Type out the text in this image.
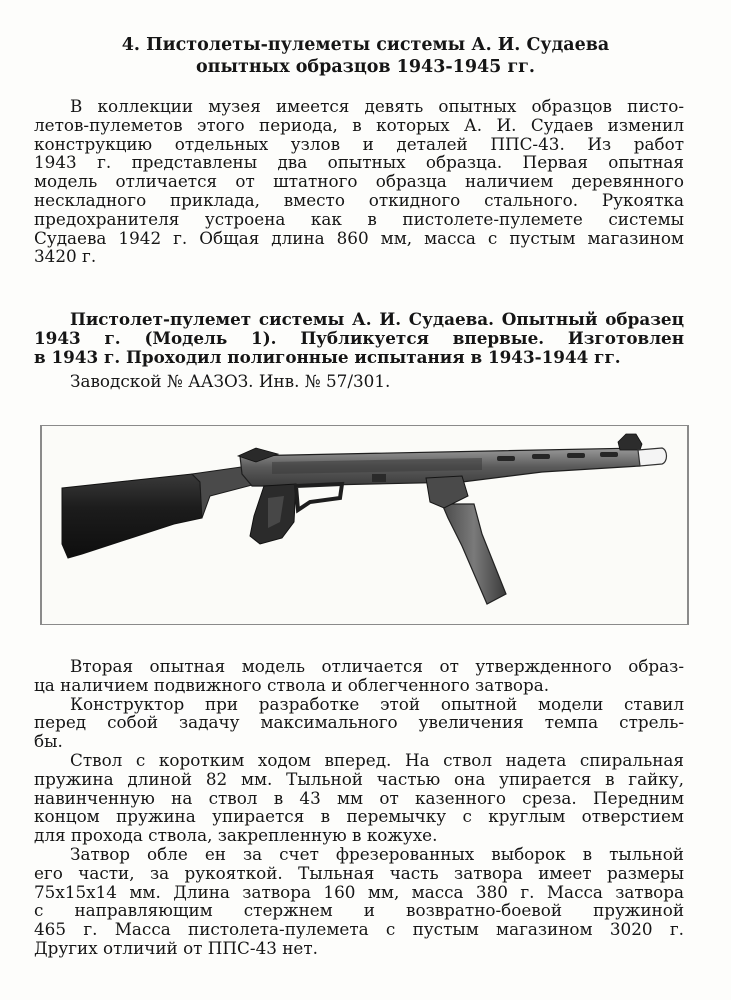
4. Пистолеты-пулеметы системы А. И. Судаева
опытных образцов 1943-1945 гг.
В коллекции музея имеется девять опытных образцов писто-
летов-пулеметов этого периода, в которых А. И. Судаев изменил
конструкцию отдельных узлов и деталей ППС-43. Из работ
1943 г. представлены два опытных образца. Первая опытная
модель отличается от штатного образца наличием деревянного
нескладного приклада, вместо откидного стального. Рукоятка
предохранителя устроена как в пистолете-пулемете системы
Судаева 1942 г. Общая длина 860 мм, масса с пустым магазином
3420 г.
Пистолет-пулемет системы А. И. Судаева. Опытный образец
1943 г. (Модель 1). Публикуется впервые. Изготовлен
в 1943 г. Проходил полигонные испытания в 1943-1944 гг.
Заводской № ААЗОЗ. Инв. № 57/301.
Вторая опытная модель отличается от утвержденного образ-
ца наличием подвижного ствола и облегченного затвора.
Конструктор при разработке этой опытной модели ставил
перед собой задачу максимального увеличения темпа стрель-
бы.
Ствол с коротким ходом вперед. На ствол надета спиральная
пружина длиной 82 мм. Тыльной частью она упирается в гайку,
навинченную на ствол в 43 мм от казенного среза. Передним
концом пружина упирается в перемычку с круглым отверстием
для прохода ствола, закрепленную в кожухе.
Затвор обле ен за счет фрезерованных выборок в тыльной
его части, за рукояткой. Тыльная часть затвора имеет размеры
75х15х14 мм. Длина затвора 160 мм, масса 380 г. Масса затвора
с направляющим стержнем и возвратно-боевой пружиной
465 г. Масса пистолета-пулемета с пустым магазином 3020 г.
Других отличий от ППС-43 нет.
